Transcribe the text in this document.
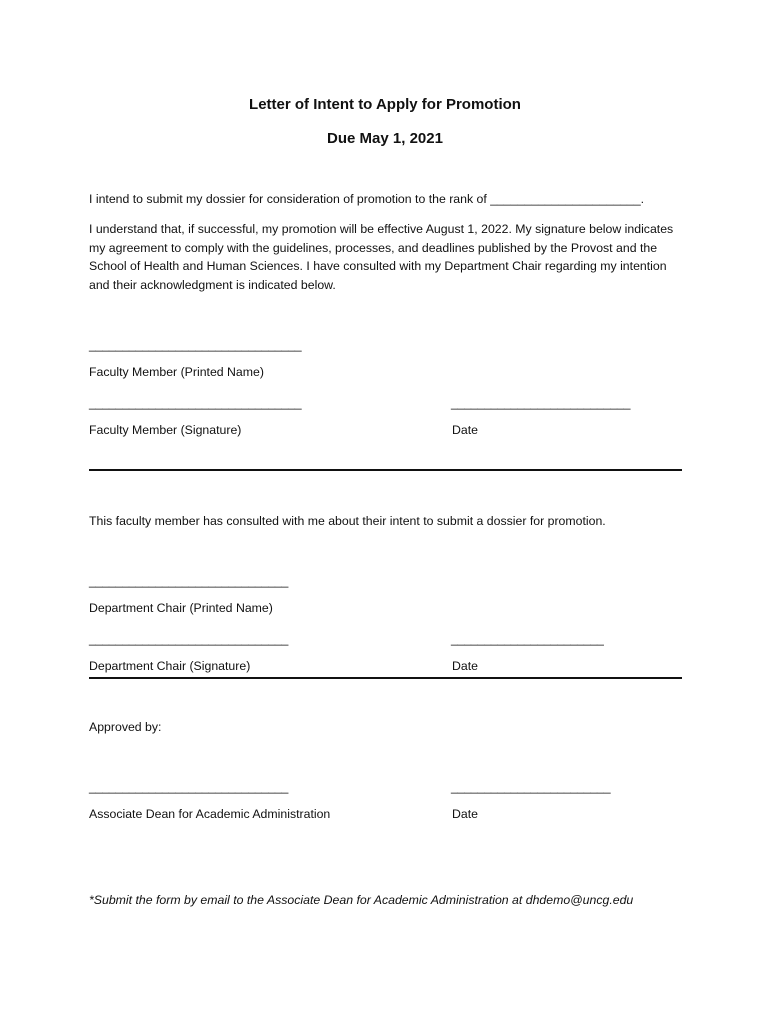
Letter of Intent to Apply for Promotion
Due May 1, 2021
I intend to submit my dossier for consideration of promotion to the rank of ______________________.
I understand that, if successful, my promotion will be effective August 1, 2022. My signature below indicates my agreement to comply with the guidelines, processes, and deadlines published by the Provost and the School of Health and Human Sciences. I have consulted with my Department Chair regarding my intention and their acknowledgment is indicated below.
________________________________
Faculty Member (Printed Name)
________________________________	___________________________
Faculty Member (Signature)	Date
This faculty member has consulted with me about their intent to submit a dossier for promotion.
______________________________
Department Chair (Printed Name)
______________________________	_______________________
Department Chair (Signature)	Date
Approved by:
______________________________	________________________
Associate Dean for Academic Administration	Date
*Submit the form by email to the Associate Dean for Academic Administration at dhdemo@uncg.edu
